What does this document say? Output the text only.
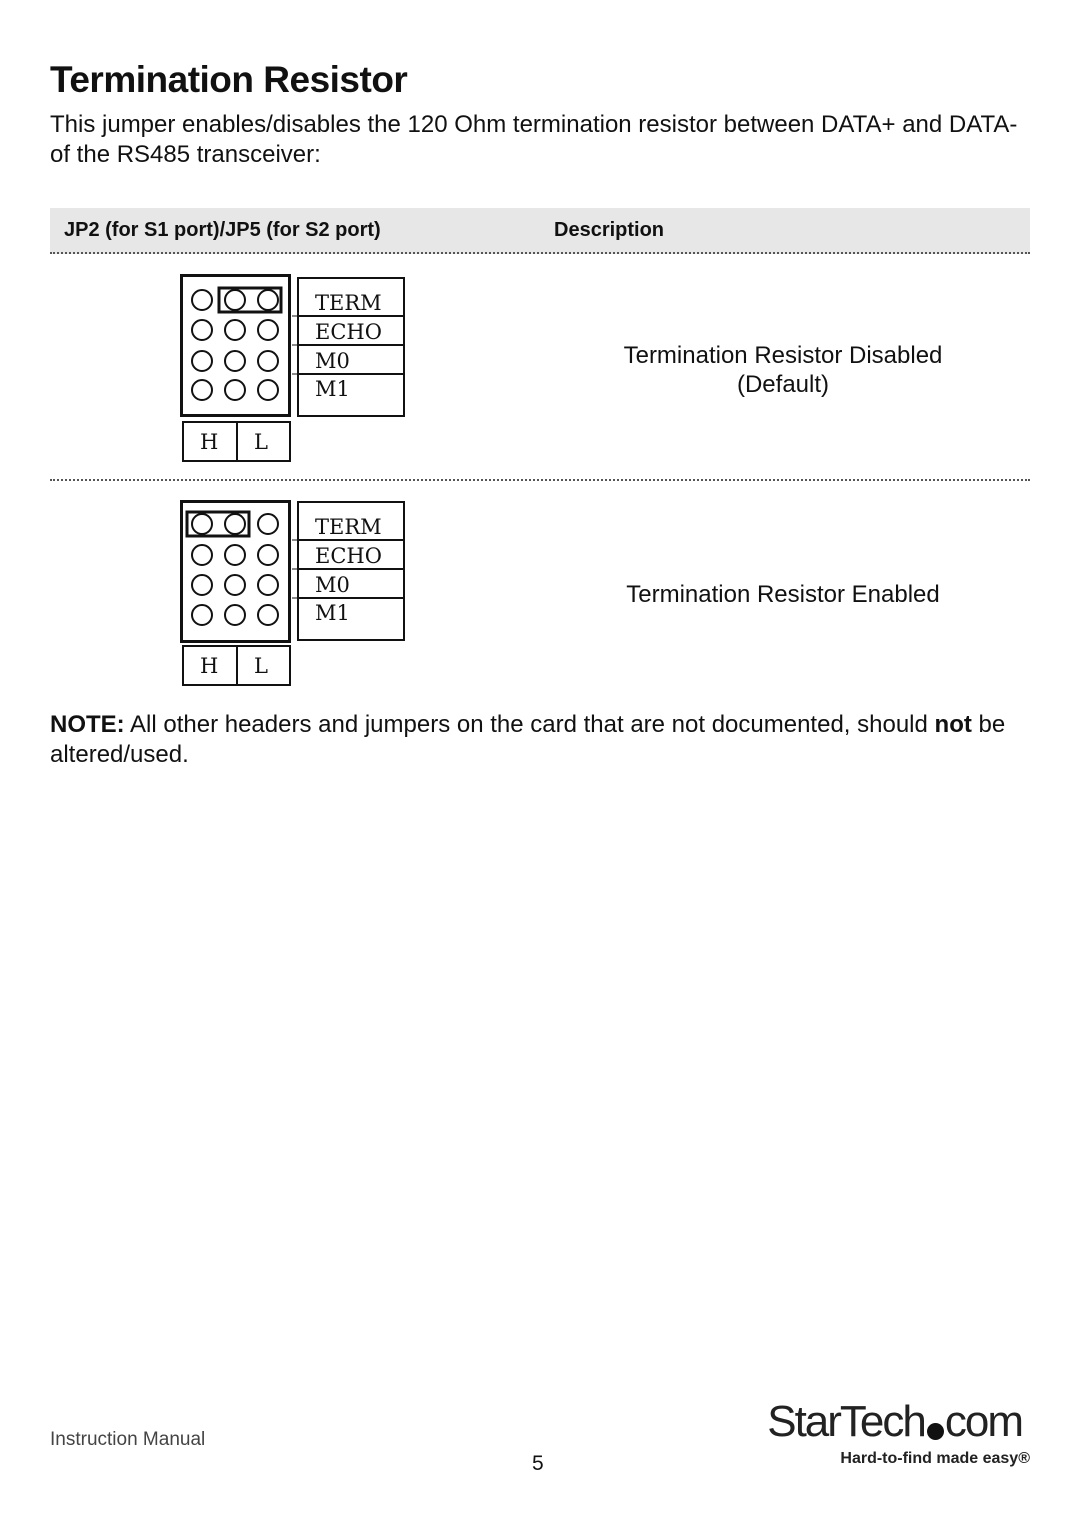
Termination Resistor

This jumper enables/disables the 120 Ohm termination resistor between DATA+ and DATA- of the RS485 transceiver:

JP2 (for S1 port)/JP5 (for S2 port)	Description
TERM
ECHO
M0
M1
H L
Termination Resistor Disabled
(Default)
TERM
ECHO
M0
M1
H L
Termination Resistor Enabled

NOTE: All other headers and jumpers on the card that are not documented, should not be altered/used.

Instruction Manual
5
StarTech com
Hard-to-find made easy®
